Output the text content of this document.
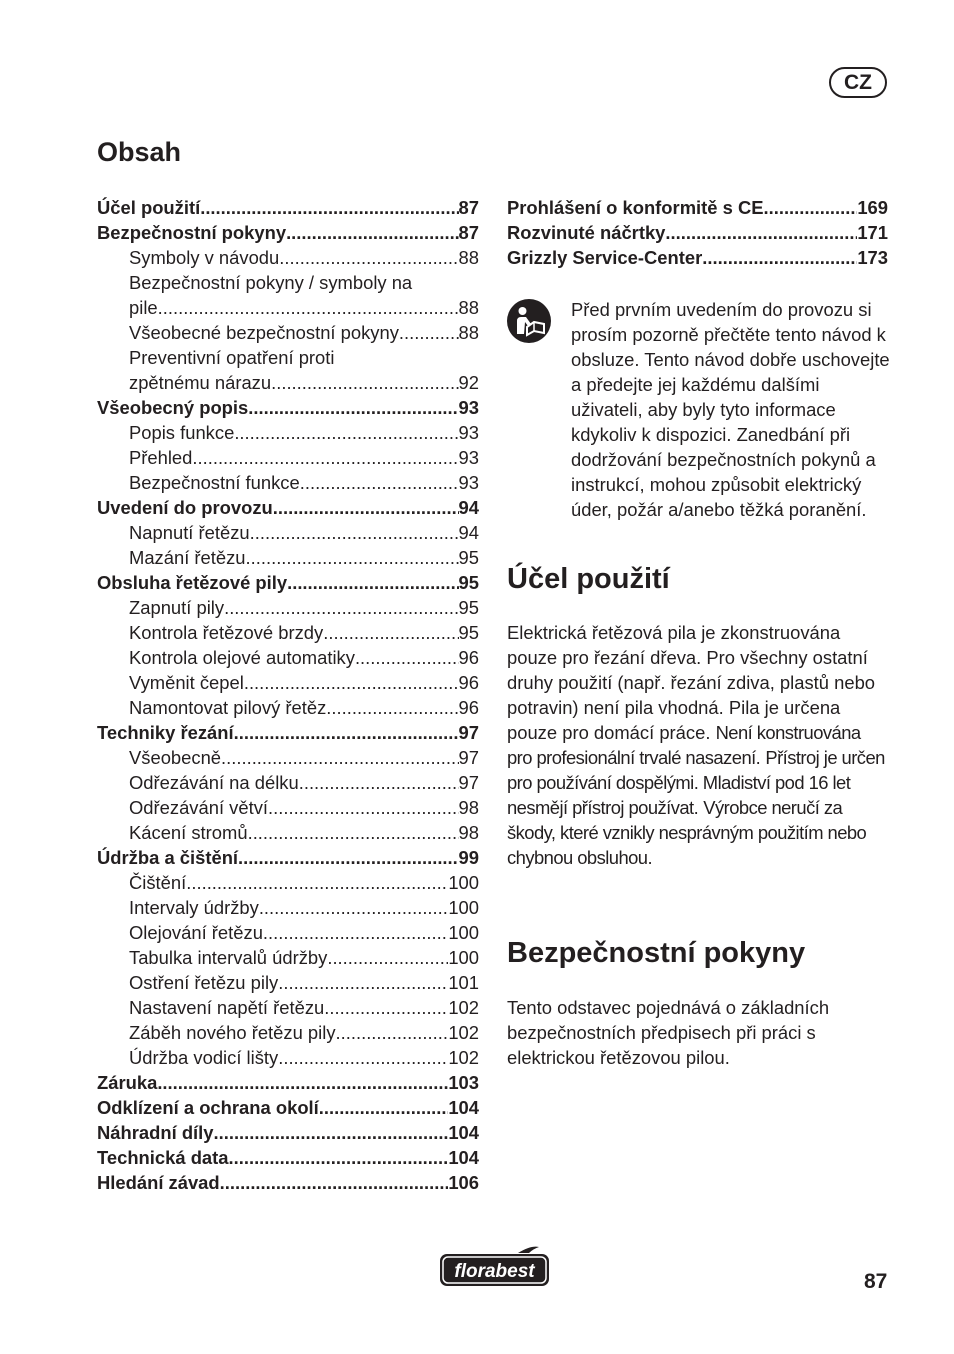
CZ
Obsah
Účel použití .....	87
Bezpečnostní pokyny .....	87
Symboly v návodu .....	88
Bezpečnostní pokyny / symboly na
pile .....	88
Všeobecné bezpečnostní pokyny .....	88
Preventivní opatření proti
zpětnému nárazu .....	92
Všeobecný popis .....	93
Popis funkce .....	93
Přehled .....	93
Bezpečnostní funkce .....	93
Uvedení do provozu .....	94
Napnutí řetězu .....	94
Mazání řetězu .....	95
Obsluha řetězové pily .....	95
Zapnutí pily .....	95
Kontrola řetězové brzdy .....	95
Kontrola olejové automatiky .....	96
Vyměnit čepel .....	96
Namontovat pilový řetěz .....	96
Techniky řezání .....	97
Všeobecně .....	97
Odřezávání na délku .....	97
Odřezávání větví .....	98
Kácení stromů .....	98
Údržba a čištění .....	99
Čištění .....	100
Intervaly údržby .....	100
Olejování řetězu .....	100
Tabulka intervalů údržby .....	100
Ostření řetězu pily .....	101
Nastavení napětí řetězu .....	102
Záběh nového řetězu pily .....	102
Údržba vodicí lišty .....	102
Záruka .....	103
Odklízení a ochrana okolí .....	104
Náhradní díly .....	104
Technická data .....	104
Hledání závad .....	106
Prohlášení o konformitě s CE .....	169
Rozvinuté náčrtky .....	171
Grizzly Service-Center .....	173

Před prvním uvedením do provozu si prosím pozorně přečtěte tento návod k obsluze. Tento návod dobře uschovejte a předejte jej každému dalšími uživateli, aby byly tyto informace kdykoliv k dispozici. Zanedbání při dodržování bezpečnostních pokynů a instrukcí, mohou způsobit elektrický úder, požár a/anebo těžká poranění.

Účel použití

Elektrická řetězová pila je zkonstruována pouze pro řezání dřeva. Pro všechny ostatní druhy použití (např. řezání zdiva, plastů nebo potravin) není pila vhodná. Pila je určena pouze pro domácí práce. Není konstruována pro profesionální trvalé nasazení. Přístroj je určen pro používání dospělými. Mladiství pod 16 let nesmějí přístroj používat. Výrobce neručí za škody, které vznikly nesprávným použitím nebo chybnou obsluhou.

Bezpečnostní pokyny

Tento odstavec pojednává o základních bezpečnostních předpisech při práci s elektrickou řetězovou pilou.

florabest	87
